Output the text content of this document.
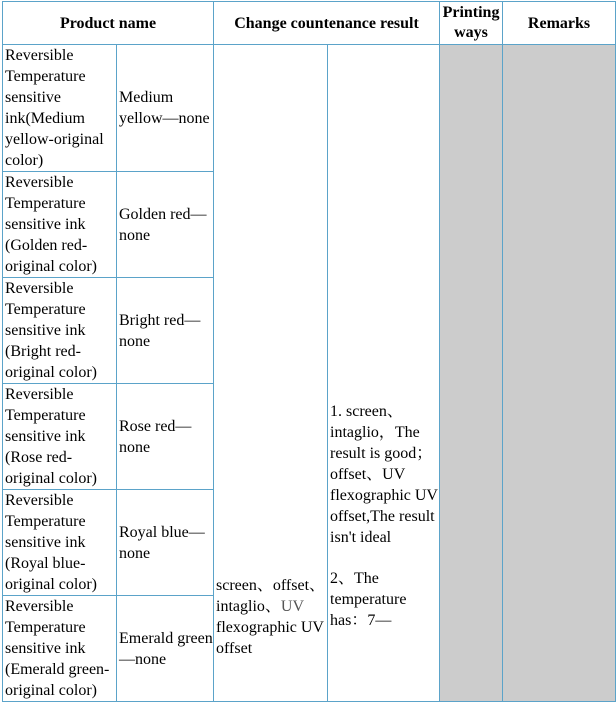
Product name		Change countenance result		Printing ways	Remarks
Reversible Temperature sensitive ink(Medium yellow-original color)	Medium yellow—none	screen、offset、intaglio、UV flexographic UV offset	1. screen、intaglio，The result is good；offset、UV flexographic UV offset,The result isn't ideal
2、The temperature has：7—		
Reversible Temperature sensitive ink (Golden red-original color)	Golden red—none				
Reversible Temperature sensitive ink (Bright red-original color)	Bright red—none				
Reversible Temperature sensitive ink (Rose red-original color)	Rose red—none				
Reversible Temperature sensitive ink (Royal blue-original color)	Royal blue—none				
Reversible Temperature sensitive ink (Emerald green-original color)	Emerald green—none				
